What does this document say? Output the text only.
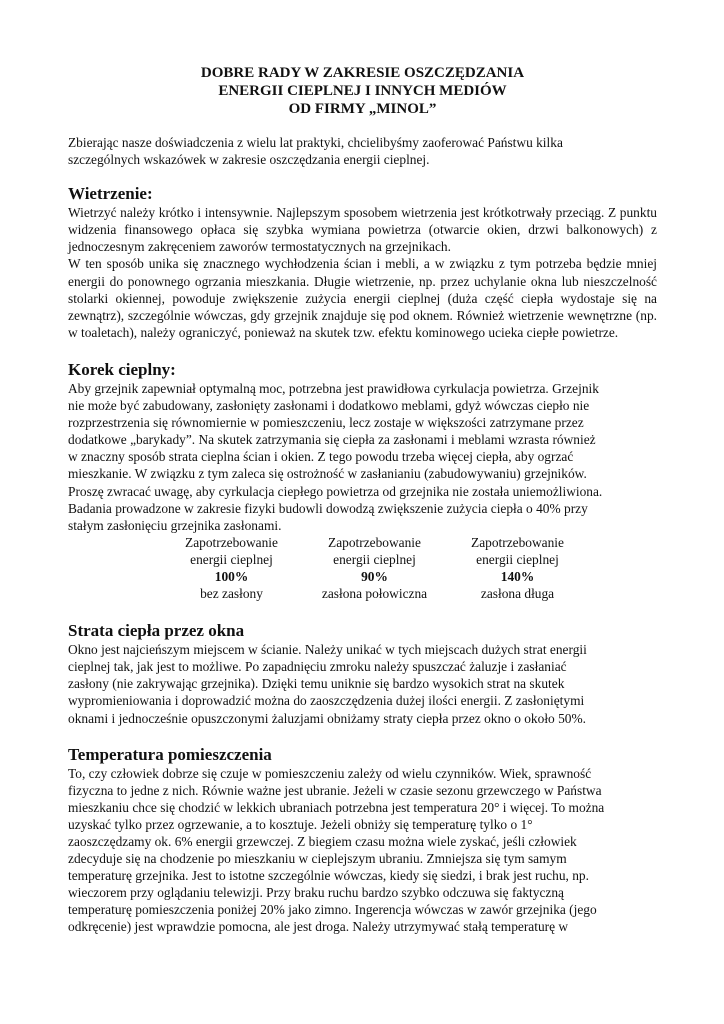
DOBRE RADY W ZAKRESIE OSZCZĘDZANIA
ENERGII CIEPLNEJ I INNYCH MEDIÓW
OD FIRMY „MINOL”

Zbierając nasze doświadczenia z wielu lat praktyki, chcielibyśmy zaoferować Państwu kilka
szczególnych wskazówek w zakresie oszczędzania energii cieplnej.

Wietrzenie:

Wietrzyć należy krótko i intensywnie. Najlepszym sposobem wietrzenia jest krótkotrwały przeciąg. Z punktu widzenia finansowego opłaca się szybka wymiana powietrza (otwarcie okien, drzwi balkonowych) z jednoczesnym zakręceniem zaworów termostatycznych na grzejnikach.

W ten sposób unika się znacznego wychłodzenia ścian i mebli, a w związku z tym potrzeba będzie mniej energii do ponownego ogrzania mieszkania. Długie wietrzenie, np. przez uchylanie okna lub nieszczelność stolarki okiennej, powoduje zwiększenie zużycia energii cieplnej (duża część ciepła wydostaje się na zewnątrz), szczególnie wówczas, gdy grzejnik znajduje się pod oknem. Również wietrzenie wewnętrzne (np. w toaletach), należy ograniczyć, ponieważ na skutek tzw. efektu kominowego ucieka ciepłe powietrze.

Korek cieplny:

Aby grzejnik zapewniał optymalną moc, potrzebna jest prawidłowa cyrkulacja powietrza. Grzejnik
nie może być zabudowany, zasłonięty zasłonami i dodatkowo meblami, gdyż wówczas ciepło nie
rozprzestrzenia się równomiernie w pomieszczeniu, lecz zostaje w większości zatrzymane przez
dodatkowe „barykady”. Na skutek zatrzymania się ciepła za zasłonami i meblami wzrasta również
w znaczny sposób strata cieplna ścian i okien. Z tego powodu trzeba więcej ciepła, aby ogrzać
mieszkanie. W związku z tym zaleca się ostrożność w zasłanianiu (zabudowywaniu) grzejników.
Proszę zwracać uwagę, aby cyrkulacja ciepłego powietrza od grzejnika nie została uniemożliwiona.
Badania prowadzone w zakresie fizyki budowli dowodzą zwiększenie zużycia ciepła o 40% przy
stałym zasłonięciu grzejnika zasłonami.

Zapotrzebowanie
energii cieplnej
100%
bez zasłony
Zapotrzebowanie
energii cieplnej
90%
zasłona połowiczna
Zapotrzebowanie
energii cieplnej
140%
zasłona długa
Strata ciepła przez okna

Okno jest najcieńszym miejscem w ścianie. Należy unikać w tych miejscach dużych strat energii
cieplnej tak, jak jest to możliwe. Po zapadnięciu zmroku należy spuszczać żaluzje i zasłaniać
zasłony (nie zakrywając grzejnika). Dzięki temu uniknie się bardzo wysokich strat na skutek
wypromieniowania i doprowadzić można do zaoszczędzenia dużej ilości energii. Z zasłoniętymi
oknami i jednocześnie opuszczonymi żaluzjami obniżamy straty ciepła przez okno o około 50%.

Temperatura pomieszczenia

To, czy człowiek dobrze się czuje w pomieszczeniu zależy od wielu czynników. Wiek, sprawność
fizyczna to jedne z nich. Równie ważne jest ubranie. Jeżeli w czasie sezonu grzewczego w Państwa
mieszkaniu chce się chodzić w lekkich ubraniach potrzebna jest temperatura 20° i więcej. To można
uzyskać tylko przez ogrzewanie, a to kosztuje. Jeżeli obniży się temperaturę tylko o 1°
zaoszczędzamy ok. 6% energii grzewczej. Z biegiem czasu można wiele zyskać, jeśli człowiek
zdecyduje się na chodzenie po mieszkaniu w cieplejszym ubraniu. Zmniejsza się tym samym
temperaturę grzejnika. Jest to istotne szczególnie wówczas, kiedy się siedzi, i brak jest ruchu, np.
wieczorem przy oglądaniu telewizji. Przy braku ruchu bardzo szybko odczuwa się faktyczną
temperaturę pomieszczenia poniżej 20% jako zimno. Ingerencja wówczas w zawór grzejnika (jego
odkręcenie) jest wprawdzie pomocna, ale jest droga. Należy utrzymywać stałą temperaturę w
